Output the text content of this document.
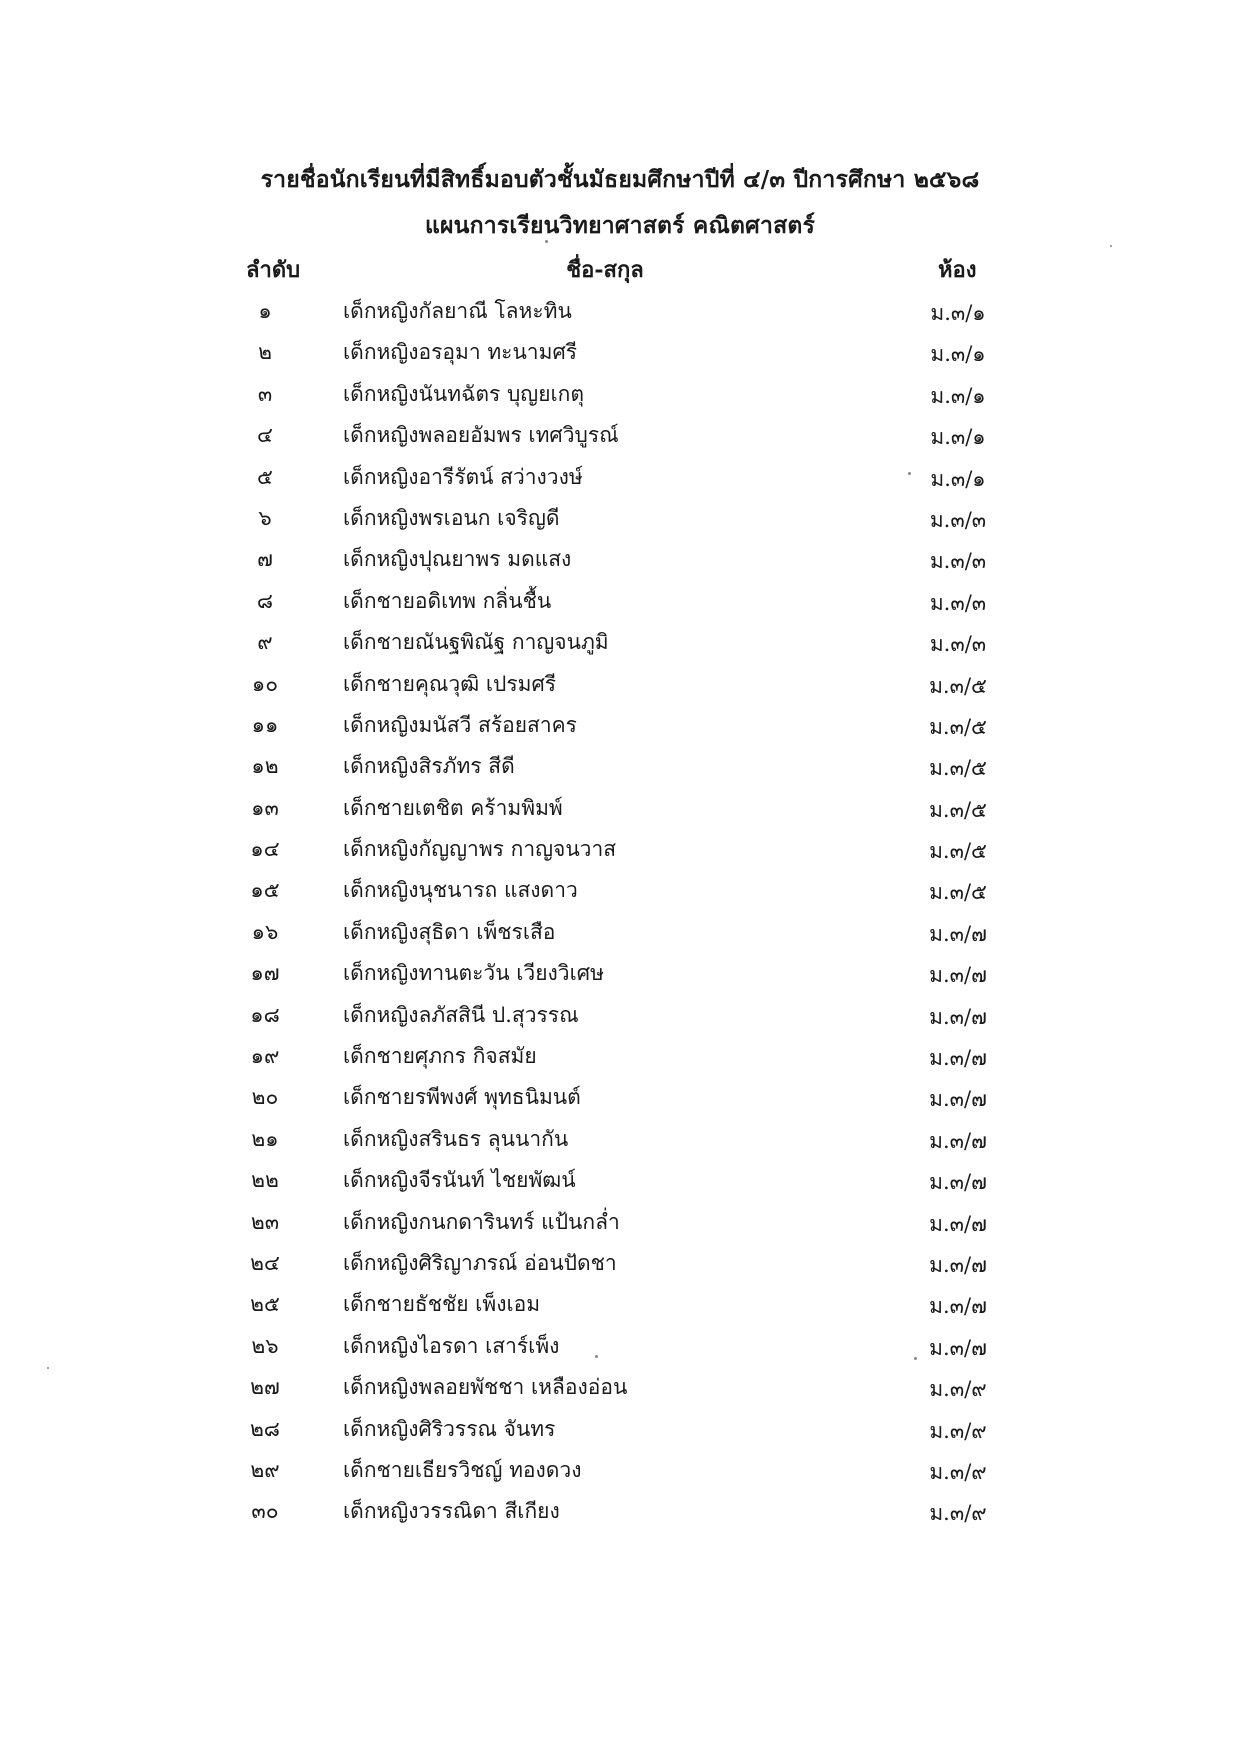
รายชื่อนักเรียนที่มีสิทธิ์มอบตัวชั้นมัธยมศึกษาปีที่ ๔/๓ ปีการศึกษา ๒๕๖๘
แผนการเรียนวิทยาศาสตร์ คณิตศาสตร์
ลำดับ	ชื่อ-สกุล	ห้อง
๑	เด็กหญิงกัลยาณี โลหะทิน	ม.๓/๑
๒	เด็กหญิงอรอุมา ทะนามศรี	ม.๓/๑
๓	เด็กหญิงนันทฉัตร บุญยเกตุ	ม.๓/๑
๔	เด็กหญิงพลอยอัมพร เทศวิบูรณ์	ม.๓/๑
๕	เด็กหญิงอารีรัตน์ สว่างวงษ์	ม.๓/๑
๖	เด็กหญิงพรเอนก เจริญดี	ม.๓/๓
๗	เด็กหญิงปุณยาพร มดแสง	ม.๓/๓
๘	เด็กชายอดิเทพ กลิ่นชื้น	ม.๓/๓
๙	เด็กชายณันฐพิณัฐ กาญจนภูมิ	ม.๓/๓
๑๐	เด็กชายคุณวุฒิ เปรมศรี	ม.๓/๕
๑๑	เด็กหญิงมนัสวี สร้อยสาคร	ม.๓/๕
๑๒	เด็กหญิงสิรภัทร สีดี	ม.๓/๕
๑๓	เด็กชายเตชิต คร้ามพิมพ์	ม.๓/๕
๑๔	เด็กหญิงกัญญาพร กาญจนวาส	ม.๓/๕
๑๕	เด็กหญิงนุชนารถ แสงดาว	ม.๓/๕
๑๖	เด็กหญิงสุธิดา เพ็ชรเสือ	ม.๓/๗
๑๗	เด็กหญิงทานตะวัน เวียงวิเศษ	ม.๓/๗
๑๘	เด็กหญิงลภัสสินี ป.สุวรรณ	ม.๓/๗
๑๙	เด็กชายศุภกร กิจสมัย	ม.๓/๗
๒๐	เด็กชายรพีพงศ์ พุทธนิมนต์	ม.๓/๗
๒๑	เด็กหญิงสรินธร ลุนนากัน	ม.๓/๗
๒๒	เด็กหญิงจีรนันท์ ไชยพัฒน์	ม.๓/๗
๒๓	เด็กหญิงกนกดารินทร์ แป้นกล่ำ	ม.๓/๗
๒๔	เด็กหญิงศิริญาภรณ์ อ่อนปัดชา	ม.๓/๗
๒๕	เด็กชายธัชชัย เพ็งเอม	ม.๓/๗
๒๖	เด็กหญิงไอรดา เสาร์เพ็ง	ม.๓/๗
๒๗	เด็กหญิงพลอยพัชชา เหลืองอ่อน	ม.๓/๙
๒๘	เด็กหญิงศิริวรรณ จันทร	ม.๓/๙
๒๙	เด็กชายเธียรวิชญ์ ทองดวง	ม.๓/๙
๓๐	เด็กหญิงวรรณิดา สีเกียง	ม.๓/๙
